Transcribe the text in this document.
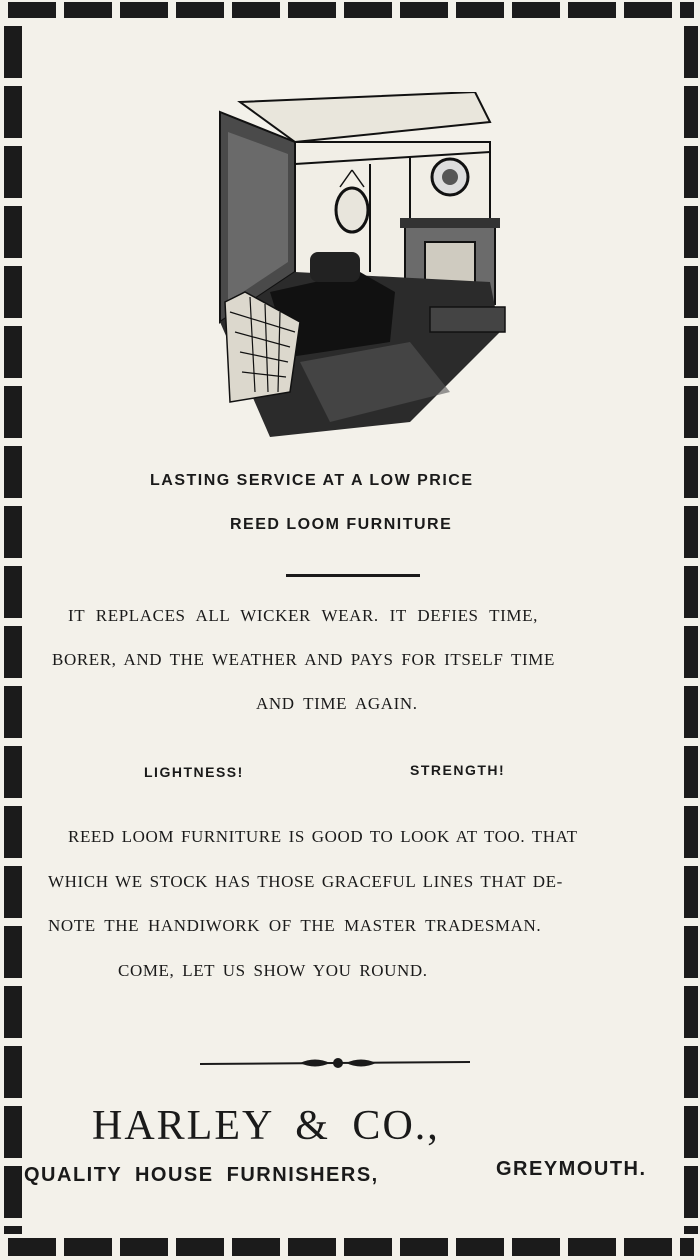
LASTING SERVICE AT A LOW PRICE
REED LOOM FURNITURE
IT REPLACES ALL WICKER WEAR. IT DEFIES TIME,
BORER, AND THE WEATHER AND PAYS FOR ITSELF TIME
AND TIME AGAIN.
LIGHTNESS!	STRENGTH!
REED LOOM FURNITURE IS GOOD TO LOOK AT TOO. THAT
WHICH WE STOCK HAS THOSE GRACEFUL LINES THAT DE-
NOTE THE HANDIWORK OF THE MASTER TRADESMAN.
COME, LET US SHOW YOU ROUND.
HARLEY & CO.,
QUALITY HOUSE FURNISHERS,	GREYMOUTH.
